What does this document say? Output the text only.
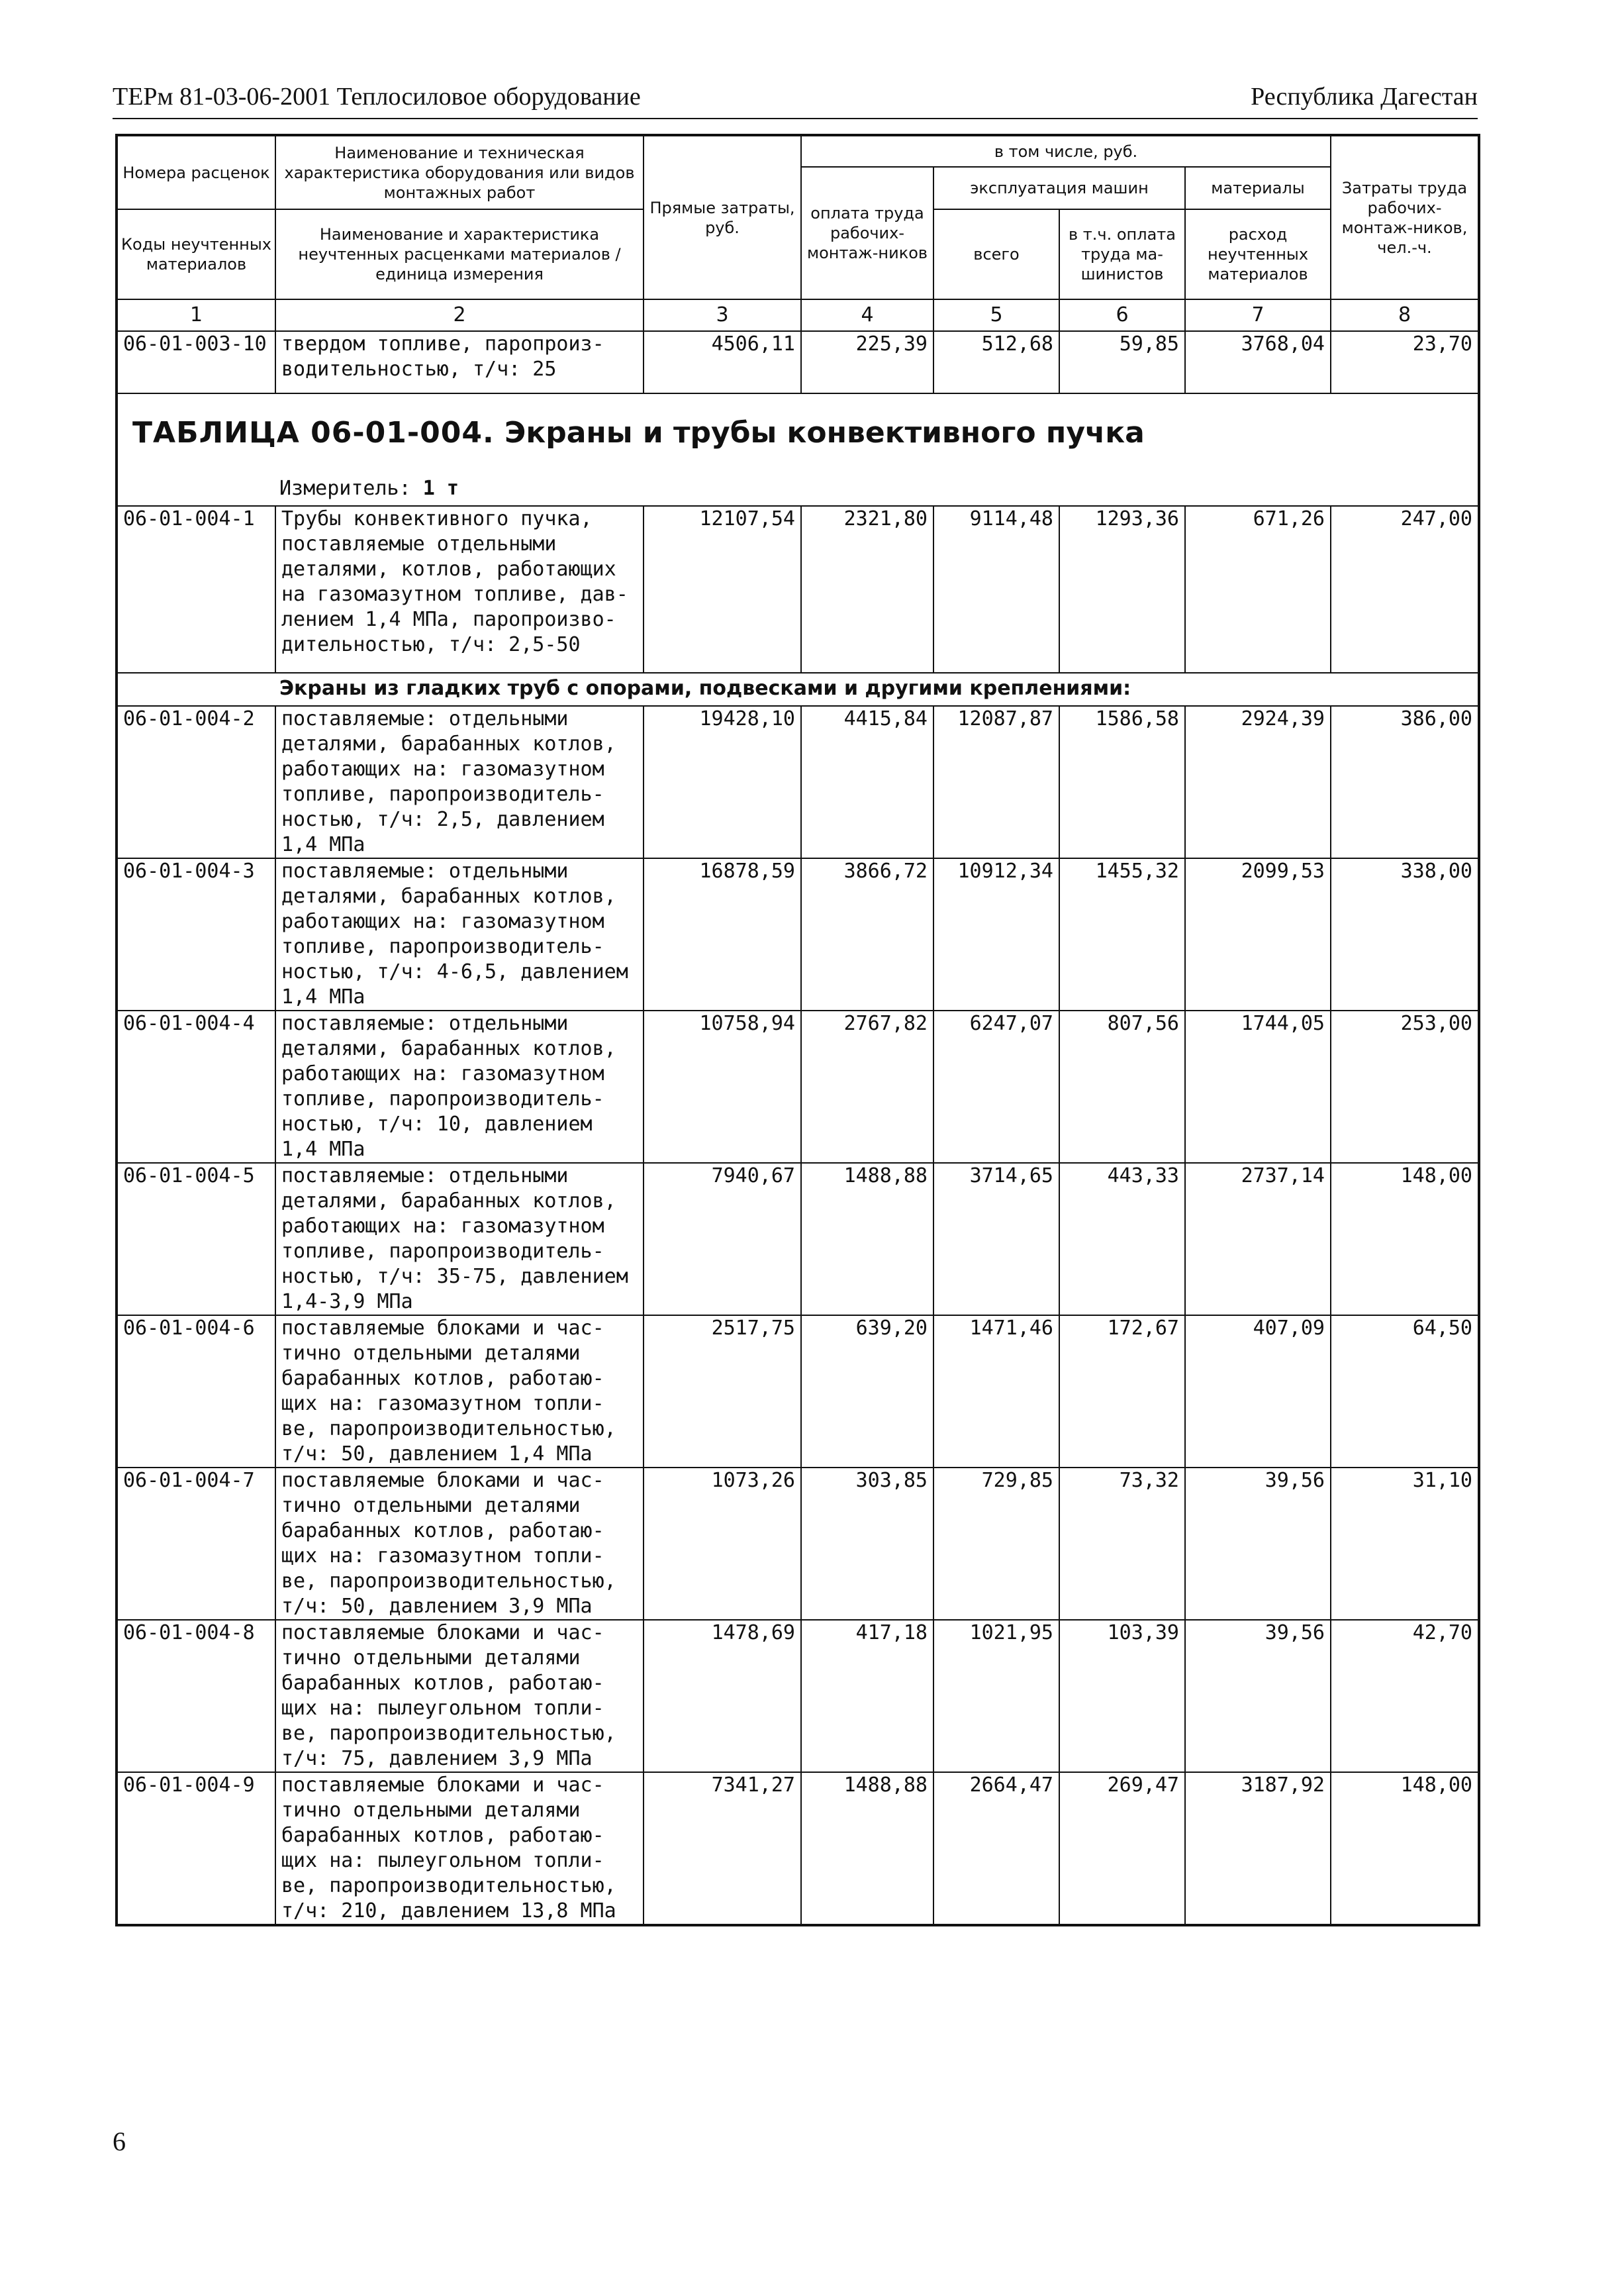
ТЕРм 81-03-06-2001 Теплосиловое оборудование	Республика Дагестан
Номера расценок	Наименование и техническая характеристика оборудования или видов монтажных работ	Прямые затраты, руб.	в том числе, руб.				Затраты труда рабочих-монтаж-ников, чел.-ч.
			оплата труда рабочих-монтаж-ников	эксплуатация машин		материалы	
Коды неучтенных материалов	Наименование и характеристика неучтенных расценками материалов / единица измерения			всего	в т.ч. оплата труда ма-шинистов	расход неучтенных материалов	

1	2	3	4	5	6	7	8
06-01-003-10	твердом топливе, паропроиз-водительностью, т/ч: 25	4506,11	225,39	512,68	59,85	3768,04	23,70

ТАБЛИЦА 06-01-004. Экраны и трубы конвективного пучка							

Измеритель: 1 т							
06-01-004-1	Трубы конвективного пучка, поставляемые отдельными деталями, котлов, работающих на газомазутном топливе, дав-лением 1,4 МПа, паропроизво-дительностью, т/ч: 2,5-50	12107,54	2321,80	9114,48	1293,36	671,26	247,00
Экраны из гладких труб с опорами, подвесками и другими креплениями:							
06-01-004-2	поставляемые: отдельными деталями, барабанных котлов, работающих на: газомазутном топливе, паропроизводитель-ностью, т/ч: 2,5, давлением 1,4 МПа	19428,10	4415,84	12087,87	1586,58	2924,39	386,00
06-01-004-3	поставляемые: отдельными деталями, барабанных котлов, работающих на: газомазутном топливе, паропроизводитель-ностью, т/ч: 4-6,5, давлением 1,4 МПа	16878,59	3866,72	10912,34	1455,32	2099,53	338,00
06-01-004-4	поставляемые: отдельными деталями, барабанных котлов, работающих на: газомазутном топливе, паропроизводитель-ностью, т/ч: 10, давлением 1,4 МПа	10758,94	2767,82	6247,07	807,56	1744,05	253,00
06-01-004-5	поставляемые: отдельными деталями, барабанных котлов, работающих на: газомазутном топливе, паропроизводитель-ностью, т/ч: 35-75, давлением 1,4-3,9 МПа	7940,67	1488,88	3714,65	443,33	2737,14	148,00
06-01-004-6	поставляемые блоками и час-тично отдельными деталями барабанных котлов, работаю-щих на: газомазутном топли-ве, паропроизводительностью, т/ч: 50, давлением 1,4 МПа	2517,75	639,20	1471,46	172,67	407,09	64,50
06-01-004-7	поставляемые блоками и час-тично отдельными деталями барабанных котлов, работаю-щих на: газомазутном топли-ве, паропроизводительностью, т/ч: 50, давлением 3,9 МПа	1073,26	303,85	729,85	73,32	39,56	31,10
06-01-004-8	поставляемые блоками и час-тично отдельными деталями барабанных котлов, работаю-щих на: пылеугольном топли-ве, паропроизводительностью, т/ч: 75, давлением 3,9 МПа	1478,69	417,18	1021,95	103,39	39,56	42,70
06-01-004-9	поставляемые блоками и час-тично отдельными деталями барабанных котлов, работаю-щих на: пылеугольном топли-ве, паропроизводительностью, т/ч: 210, давлением 13,8 МПа	7341,27	1488,88	2664,47	269,47	3187,92	148,00
6
